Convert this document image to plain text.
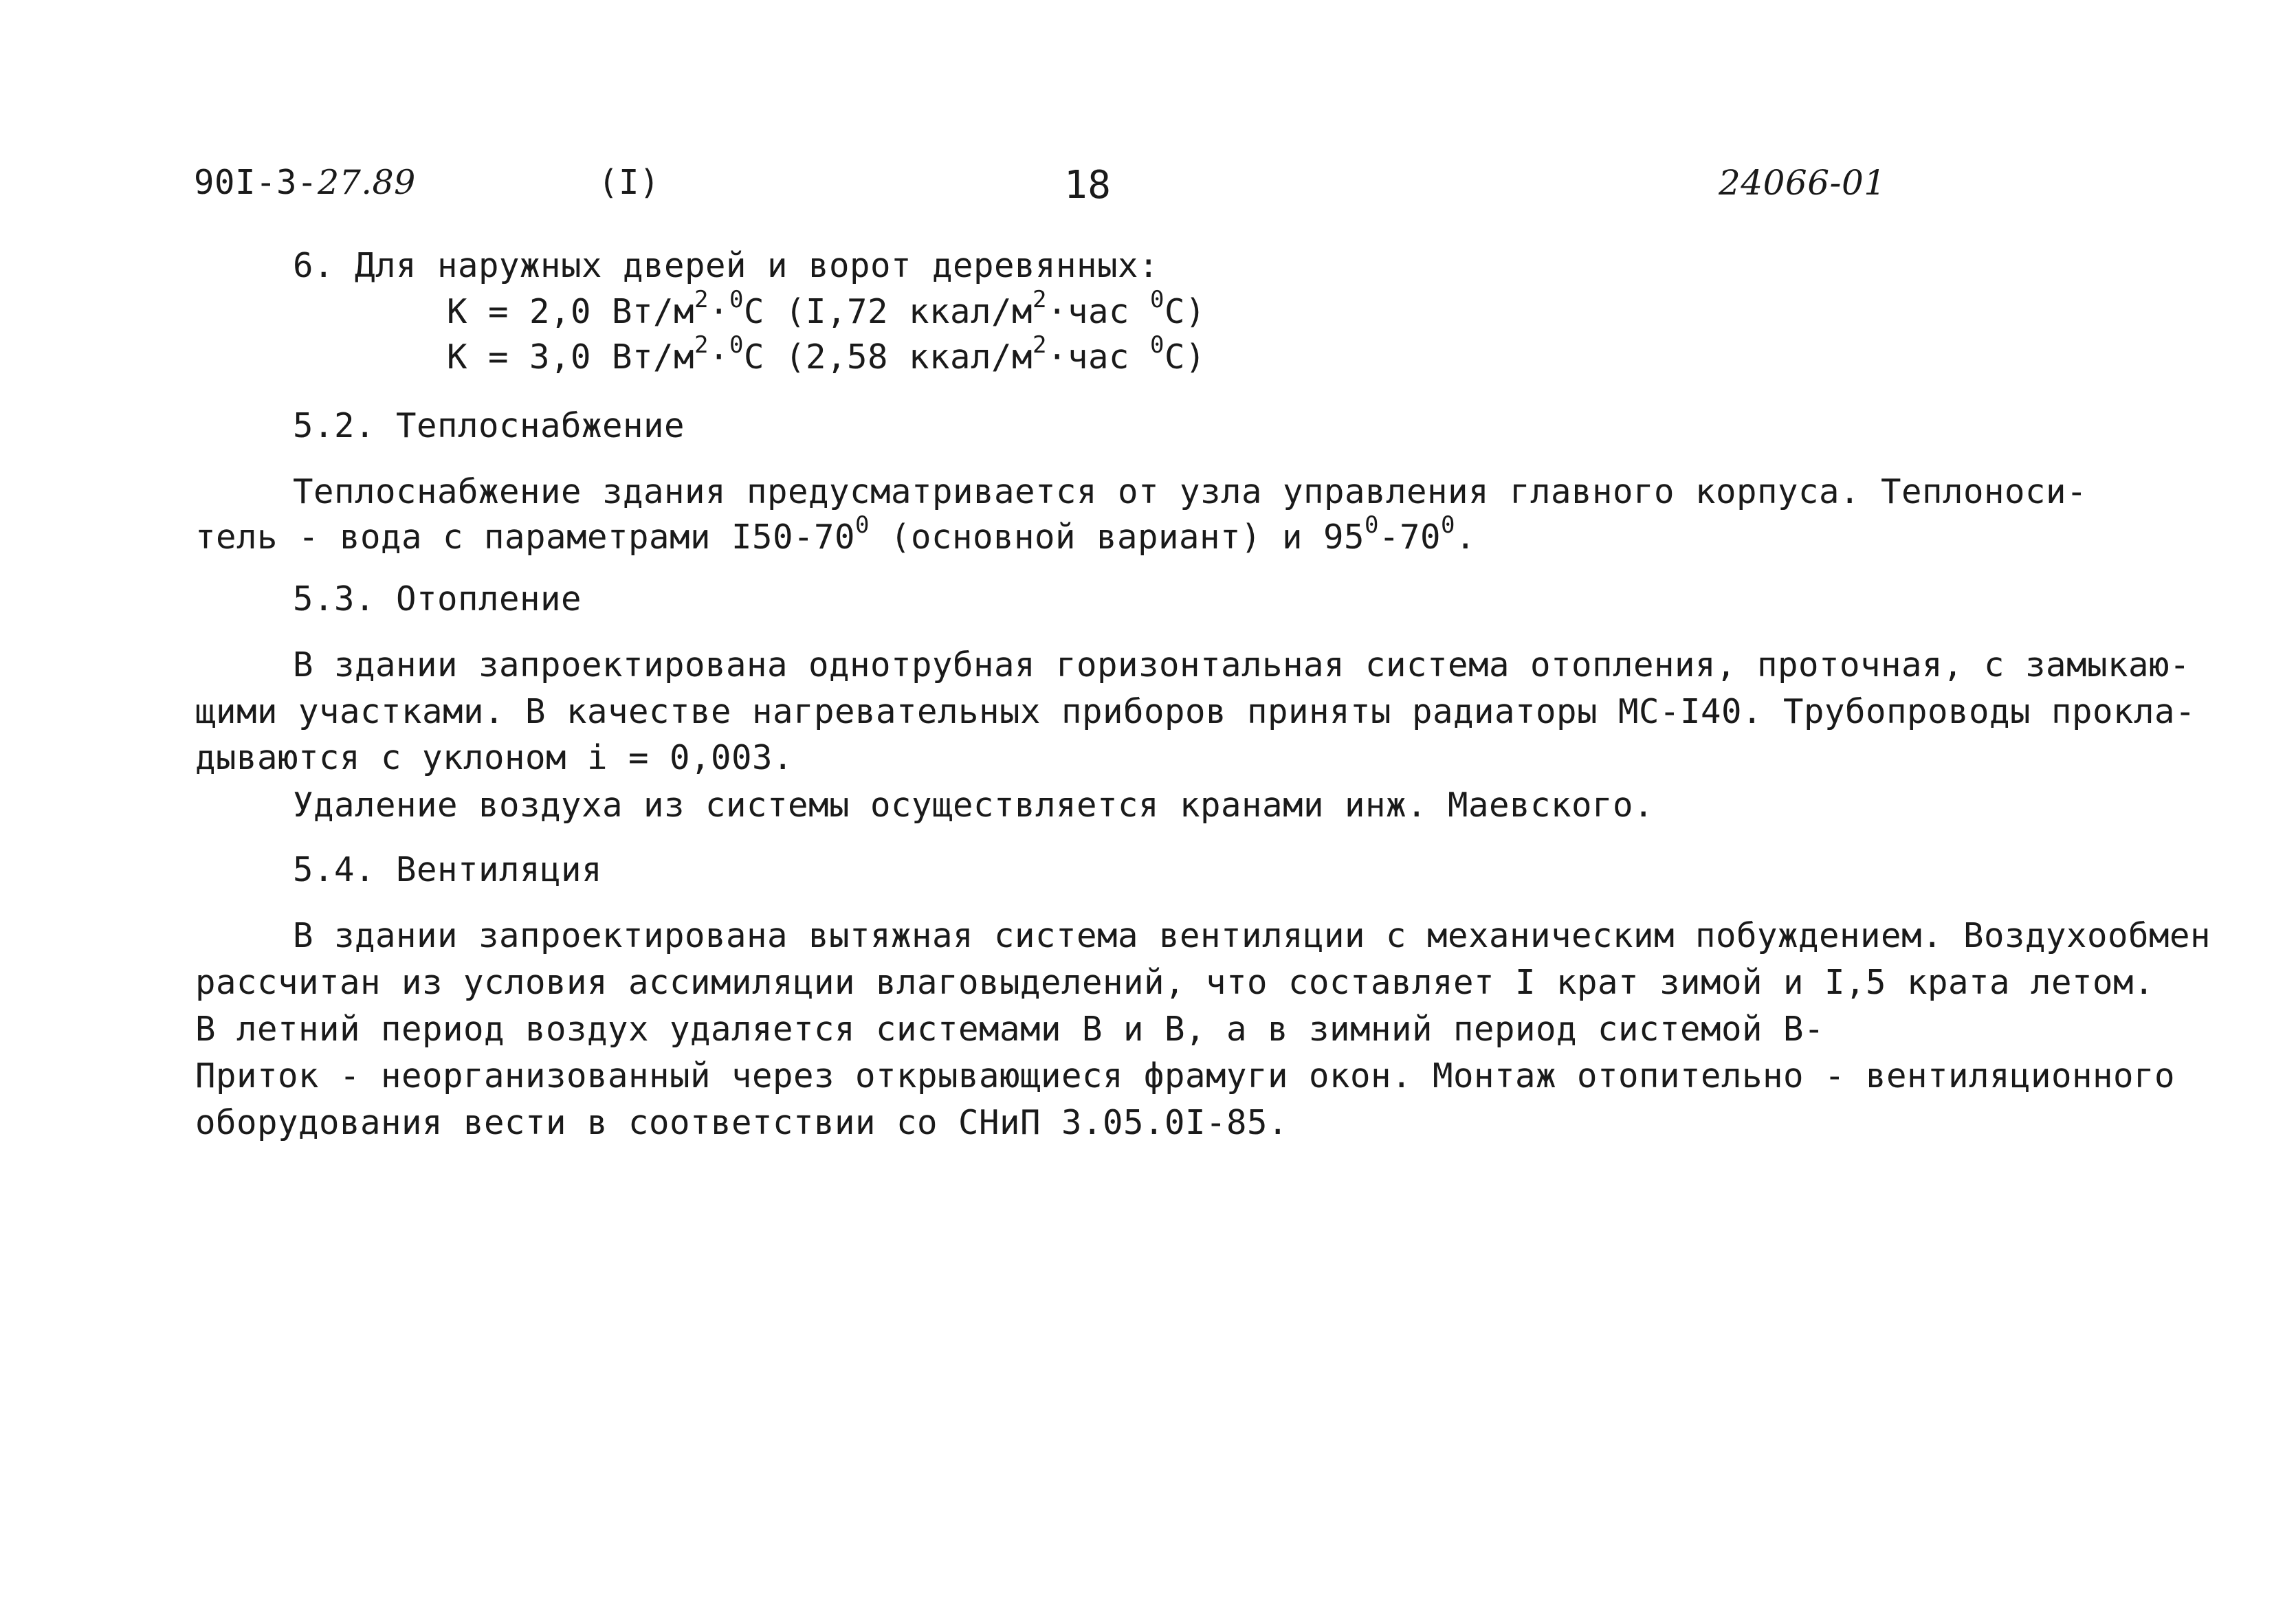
90I-3-27.89	(I)	18	24066-01
6. Для наружных дверей и ворот деревянных:
К = 2,0 $Вт/м^2\cdot^0С$ (I,72 ккал/$м^2\cdot час$ $^0$С)
К = 3,0 $Вт/м^2\cdot^0С$ (2,58 ккал/$м^2\cdot час$ $^0$С)
5.2. Теплоснабжение
Теплоснабжение здания предусматривается от узла управления главного корпуса. Теплоноси-
тель - вода с параметрами $I50-70^0$ (основной вариант) и $95^0-70^0$.
5.3. Отопление
В здании запроектирована однотрубная горизонтальная система отопления, проточная, с замыкаю-
щими участками. В качестве нагревательных приборов приняты радиаторы МС-I40. Трубопроводы прокла-
дываются с уклоном i = 0,003.
Удаление воздуха из системы осуществляется кранами инж. Маевского.
5.4. Вентиляция
В здании запроектирована вытяжная система вентиляции с механическим побуждением. Воздухообмен
рассчитан из условия ассимиляции влаговыделений, что составляет I крат зимой и I,5 крата летом.
В летний период воздух удаляется системами В и В, а в зимний период системой В-
Приток - неорганизованный через открывающиеся фрамуги окон. Монтаж отопительно - вентиляционного
оборудования вести в соответствии со СНиП 3.05.0I-85.
